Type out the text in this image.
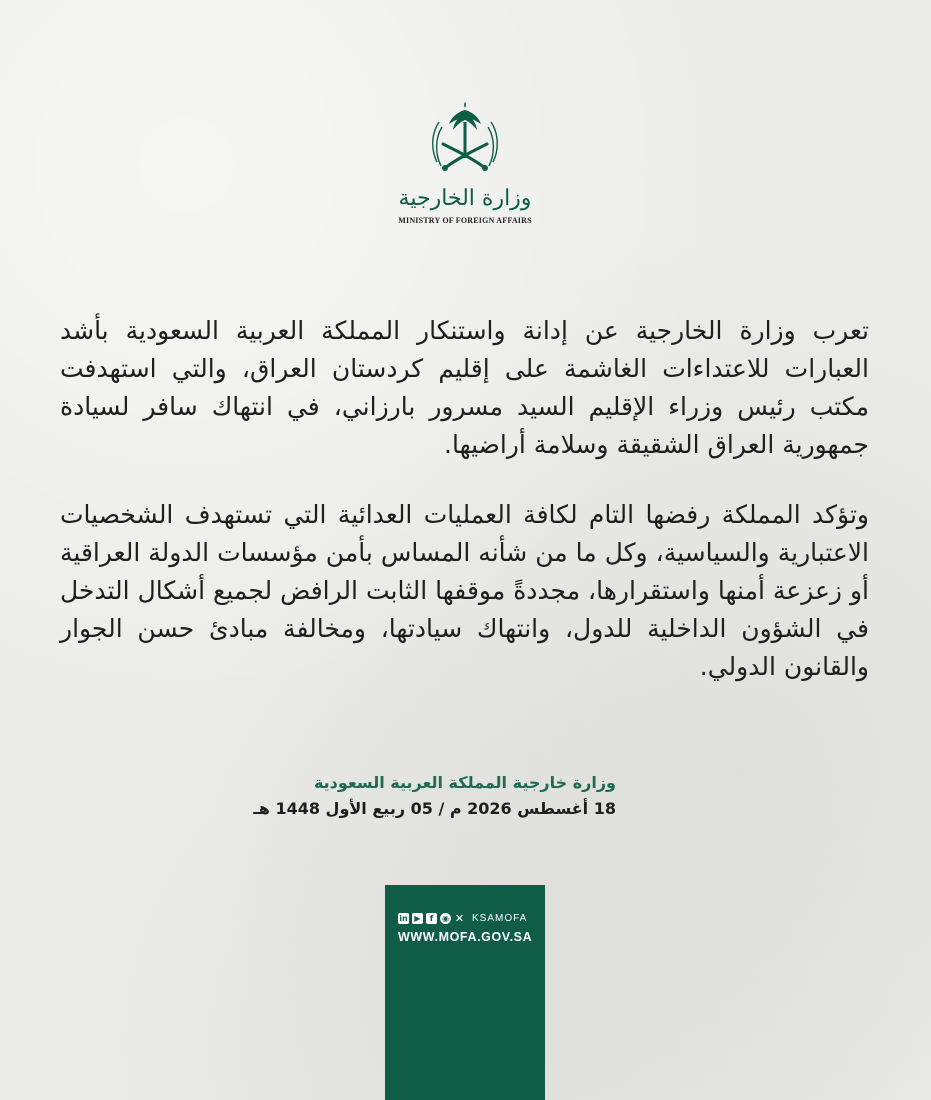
وزارة الخارجية
MINISTRY OF FOREIGN AFFAIRS

تعرب وزارة الخارجية عن إدانة واستنكار المملكة العربية السعودية بأشد العبارات للاعتداءات الغاشمة على إقليم كردستان العراق، والتي استهدفت مكتب رئيس وزراء الإقليم السيد مسرور بارزاني، في انتهاك سافر لسيادة جمهورية العراق الشقيقة وسلامة أراضيها.

وتؤكد المملكة رفضها التام لكافة العمليات العدائية التي تستهدف الشخصيات الاعتبارية والسياسية، وكل ما من شأنه المساس بأمن مؤسسات الدولة العراقية أو زعزعة أمنها واستقرارها، مجددةً موقفها الثابت الرافض لجميع أشكال التدخل في الشؤون الداخلية للدول، وانتهاك سيادتها، ومخالفة مبادئ حسن الجوار والقانون الدولي.

وزارة خارجية المملكة العربية السعودية

18 أغسطس 2026 م / 05 ربيع الأول 1448 هـ

in ▶	f	◉ ✕ KSAMOFA
WWW.MOFA.GOV.SA
